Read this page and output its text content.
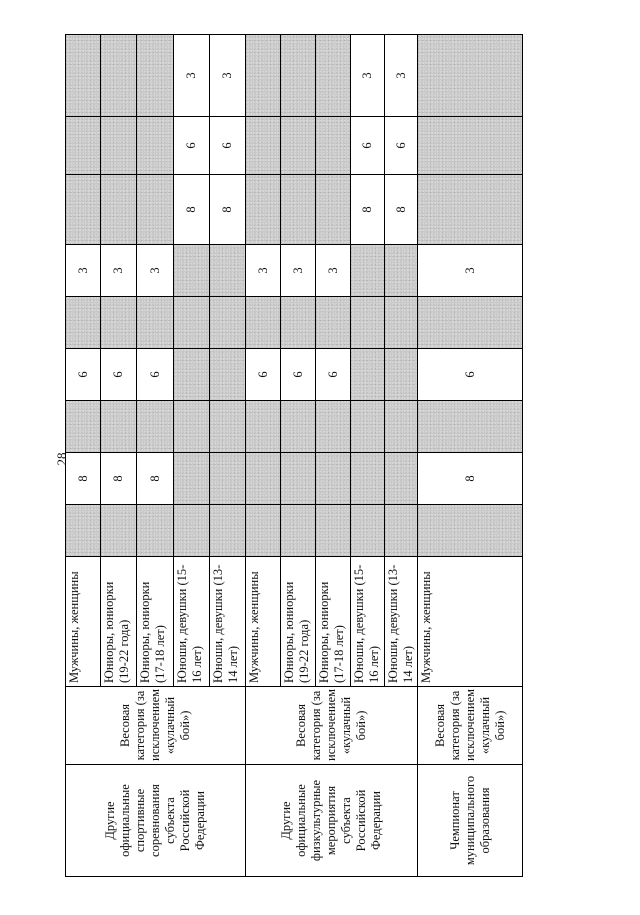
28
Другие официальные спортивные соревнования субъекта Российской Федерации	Весовая категория (за исключением «кулачный бой»)	Мужчины, женщины		8		6		3			
		Юниоры, юниорки (19-22 года)		8		6		3			
		Юниоры, юниорки (17-18 лет)		8		6		3			
		Юноши, девушки (15-16 лет)							8	6	3
		Юноши, девушки (13-14 лет)							8	6	3
Другие официальные физкультурные мероприятия субъекта Российской Федерации	Весовая категория (за исключением «кулачный бой»)	Мужчины, женщины				6		3			
		Юниоры, юниорки (19-22 года)				6		3			
		Юниоры, юниорки (17-18 лет)				6		3			
		Юноши, девушки (15-16 лет)							8	6	3
		Юноши, девушки (13-14 лет)							8	6	3
Чемпионат муниципального образования	Весовая категория (за исключением «кулачный бой»)	Мужчины, женщины		8		6		3			
